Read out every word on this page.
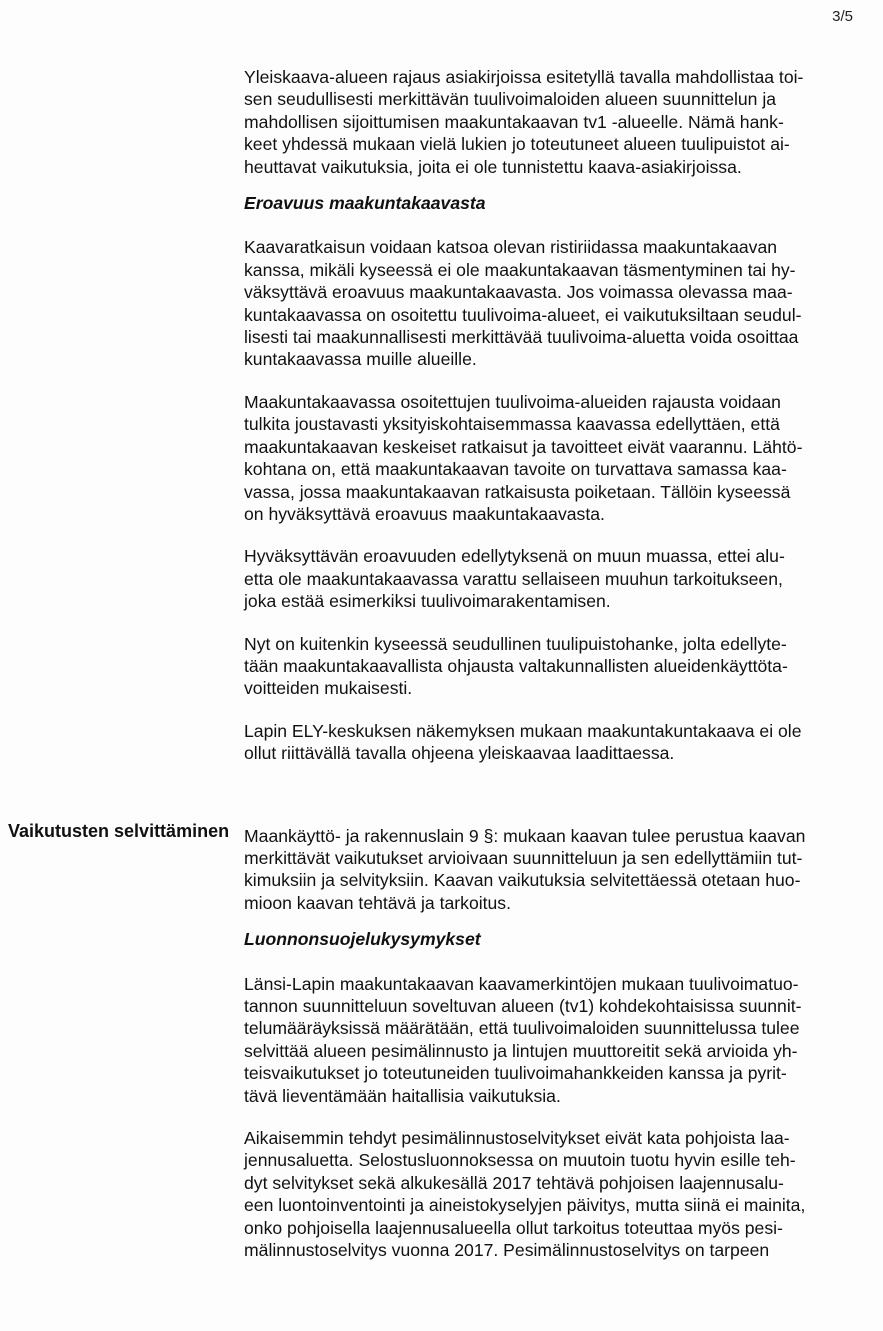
3/5
Vaikutusten selvittäminen

Yleiskaava-alueen rajaus asiakirjoissa esitetyllä tavalla mahdollistaa toi-
sen seudullisesti merkittävän tuulivoimaloiden alueen suunnittelun ja
mahdollisen sijoittumisen maakuntakaavan tv1 -alueelle. Nämä hank-
keet yhdessä mukaan vielä lukien jo toteutuneet alueen tuulipuistot ai-
heuttavat vaikutuksia, joita ei ole tunnistettu kaava-asiakirjoissa.

Eroavuus maakuntakaavasta

Kaavaratkaisun voidaan katsoa olevan ristiriidassa maakuntakaavan
kanssa, mikäli kyseessä ei ole maakuntakaavan täsmentyminen tai hy-
väksyttävä eroavuus maakuntakaavasta. Jos voimassa olevassa maa-
kuntakaavassa on osoitettu tuulivoima-alueet, ei vaikutuksiltaan seudul-
lisesti tai maakunnallisesti merkittävää tuulivoima-aluetta voida osoittaa
kuntakaavassa muille alueille.

Maakuntakaavassa osoitettujen tuulivoima-alueiden rajausta voidaan
tulkita joustavasti yksityiskohtaisemmassa kaavassa edellyttäen, että
maakuntakaavan keskeiset ratkaisut ja tavoitteet eivät vaarannu. Lähtö-
kohtana on, että maakuntakaavan tavoite on turvattava samassa kaa-
vassa, jossa maakuntakaavan ratkaisusta poiketaan. Tällöin kyseessä
on hyväksyttävä eroavuus maakuntakaavasta.

Hyväksyttävän eroavuuden edellytyksenä on muun muassa, ettei alu-
etta ole maakuntakaavassa varattu sellaiseen muuhun tarkoitukseen,
joka estää esimerkiksi tuulivoimarakentamisen.

Nyt on kuitenkin kyseessä seudullinen tuulipuistohanke, jolta edellyte-
tään maakuntakaavallista ohjausta valtakunnallisten alueidenkäyttöta-
voitteiden mukaisesti.

Lapin ELY-keskuksen näkemyksen mukaan maakuntakuntakaava ei ole
ollut riittävällä tavalla ohjeena yleiskaavaa laadittaessa.

Maankäyttö- ja rakennuslain 9 §: mukaan kaavan tulee perustua kaavan
merkittävät vaikutukset arvioivaan suunnitteluun ja sen edellyttämiin tut-
kimuksiin ja selvityksiin. Kaavan vaikutuksia selvitettäessä otetaan huo-
mioon kaavan tehtävä ja tarkoitus.

Luonnonsuojelukysymykset

Länsi-Lapin maakuntakaavan kaavamerkintöjen mukaan tuulivoimatuo-
tannon suunnitteluun soveltuvan alueen (tv1) kohdekohtaisissa suunnit-
telumääräyksissä määrätään, että tuulivoimaloiden suunnittelussa tulee
selvittää alueen pesimälinnusto ja lintujen muuttoreitit sekä arvioida yh-
teisvaikutukset jo toteutuneiden tuulivoimahankkeiden kanssa ja pyrit-
tävä lieventämään haitallisia vaikutuksia.

Aikaisemmin tehdyt pesimälinnustoselvitykset eivät kata pohjoista laa-
jennusaluetta. Selostusluonnoksessa on muutoin tuotu hyvin esille teh-
dyt selvitykset sekä alkukesällä 2017 tehtävä pohjoisen laajennusalu-
een luontoinventointi ja aineistokyselyjen päivitys, mutta siinä ei mainita,
onko pohjoisella laajennusalueella ollut tarkoitus toteuttaa myös pesi-
mälinnustoselvitys vuonna 2017. Pesimälinnustoselvitys on tarpeen
